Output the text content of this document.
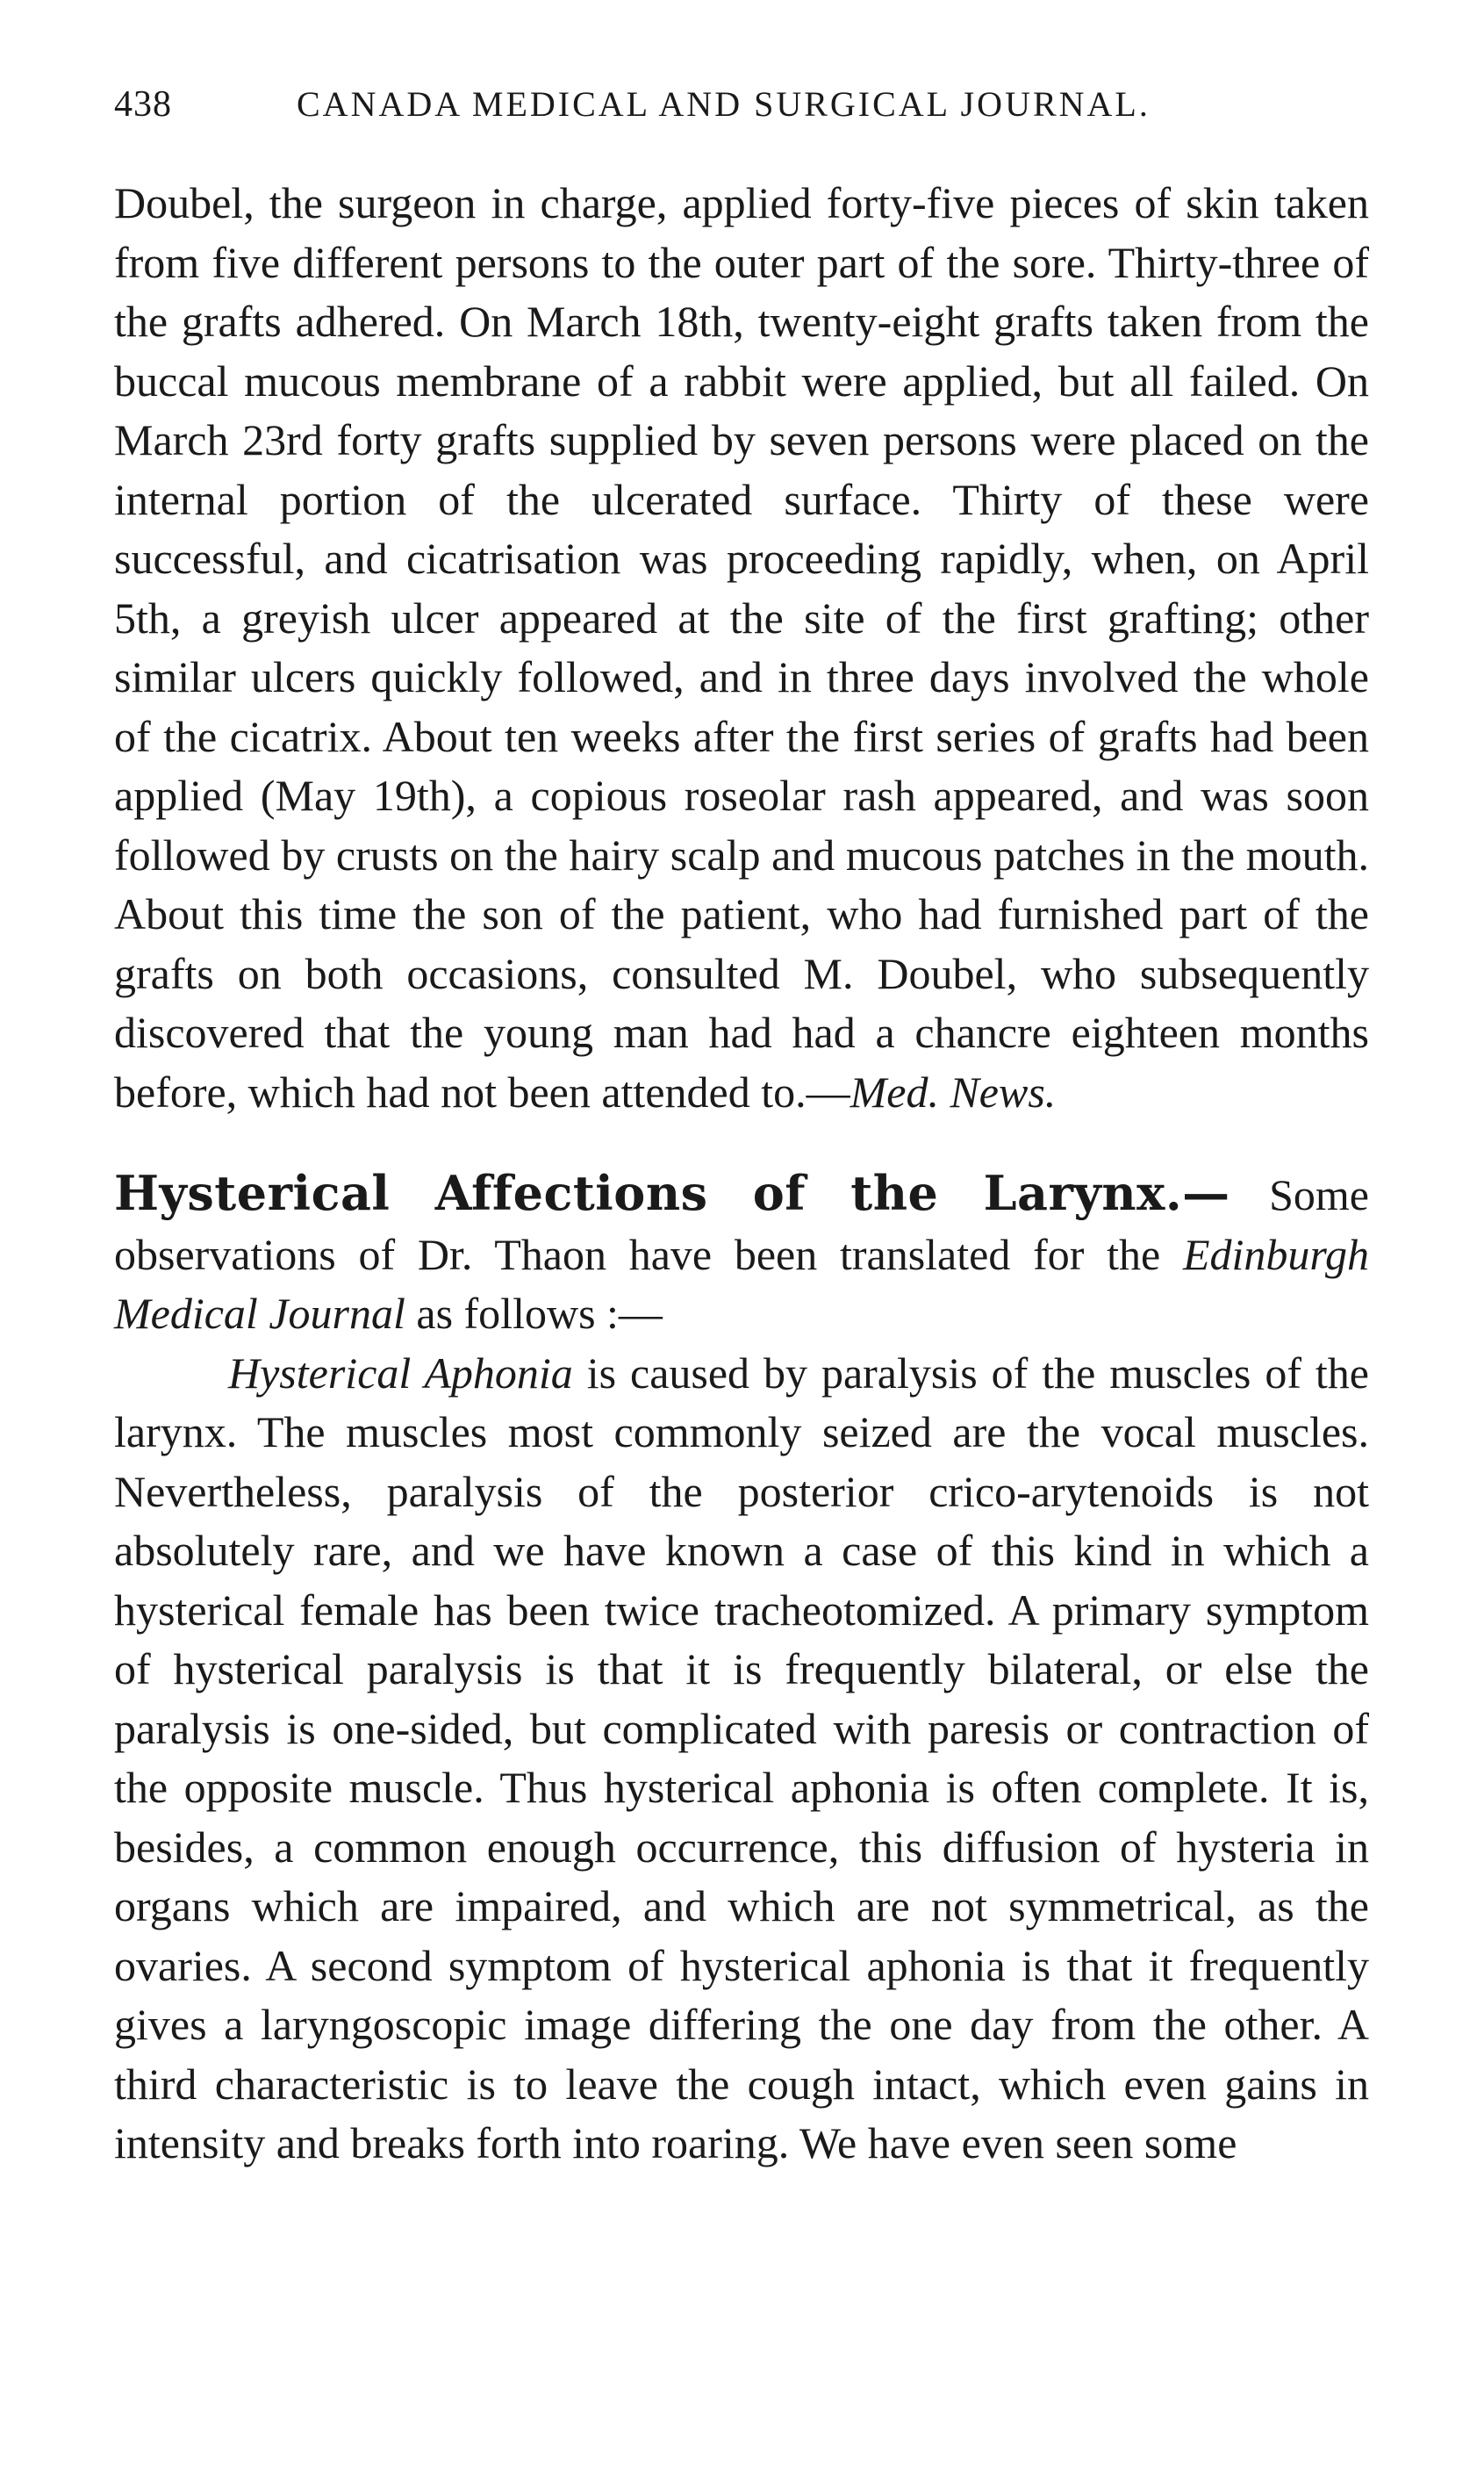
438	CANADA MEDICAL AND SURGICAL JOURNAL.

Doubel, the surgeon in charge, applied forty-five pieces of skin taken from five different persons to the outer part of the sore. Thirty-three of the grafts adhered. On March 18th, twenty-eight grafts taken from the buccal mucous membrane of a rabbit were applied, but all failed. On March 23rd forty grafts supplied by seven persons were placed on the internal portion of the ulcerated surface. Thirty of these were successful, and cicatrisation was proceeding rapidly, when, on April 5th, a greyish ulcer appeared at the site of the first grafting; other similar ulcers quickly followed, and in three days involved the whole of the cicatrix. About ten weeks after the first series of grafts had been applied (May 19th), a copious roseolar rash appeared, and was soon followed by crusts on the hairy scalp and mucous patches in the mouth. About this time the son of the patient, who had furnished part of the grafts on both occasions, consulted M. Doubel, who subsequently discovered that the young man had had a chancre eighteen months before, which had not been attended to.—Med. News.

Hysterical Affections of the Larynx.— Some observations of Dr. Thaon have been translated for the Edinburgh Medical Journal as follows :—

Hysterical Aphonia is caused by paralysis of the muscles of the larynx. The muscles most commonly seized are the vocal muscles. Nevertheless, paralysis of the posterior crico-arytenoids is not absolutely rare, and we have known a case of this kind in which a hysterical female has been twice tracheotomized. A primary symptom of hysterical paralysis is that it is frequently bilateral, or else the paralysis is one-sided, but complicated with paresis or contraction of the opposite muscle. Thus hysterical aphonia is often complete. It is, besides, a common enough occurrence, this diffusion of hysteria in organs which are impaired, and which are not symmetrical, as the ovaries. A second symptom of hysterical aphonia is that it frequently gives a laryngoscopic image differing the one day from the other. A third characteristic is to leave the cough intact, which even gains in intensity and breaks forth into roaring. We have even seen some
